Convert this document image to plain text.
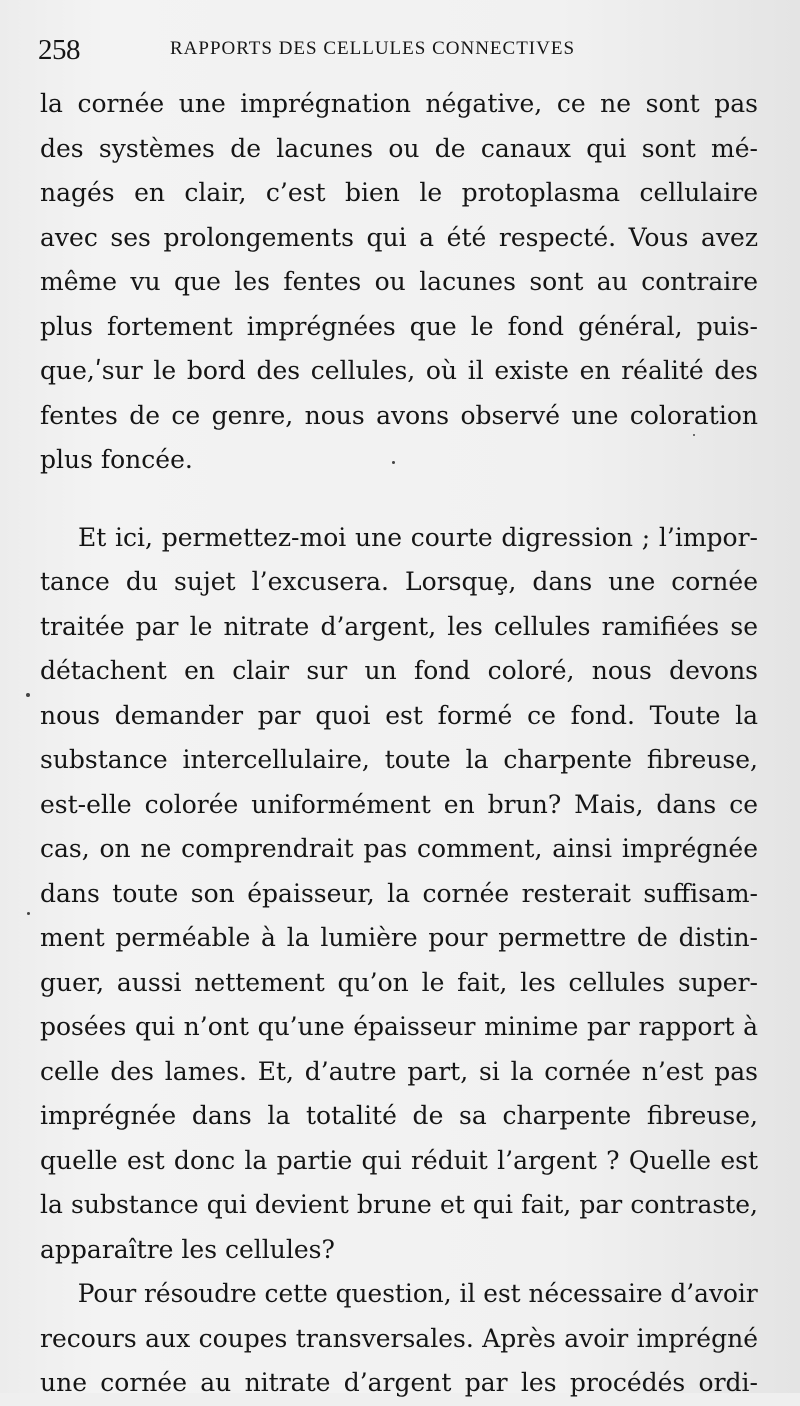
258	RAPPORTS DES CELLULES CONNECTIVES
la cornée une imprégnation négative, ce ne sont pas
des systèmes de lacunes ou de canaux qui sont mé-
nagés en clair, c’est bien le protoplasma cellulaire
avec ses prolongements qui a été respecté. Vous avez
même vu que les fentes ou lacunes sont au contraire
plus fortement imprégnées que le fond général, puis-
que,ʹsur le bord des cellules, où il existe en réalité des
fentes de ce genre, nous avons observé une coloration
plus foncée.
Et ici, permettez-moi une courte digression ; l’impor-
tance du sujet l’excusera. Lorsquȩ, dans une cornée
traitée par le nitrate d’argent, les cellules ramifiées se
détachent en clair sur un fond coloré, nous devons
nous demander par quoi est formé ce fond. Toute la
substance intercellulaire, toute la charpente fibreuse,
est-elle colorée uniformément en brun? Mais, dans ce
cas, on ne comprendrait pas comment, ainsi imprégnée
dans toute son épaisseur, la cornée resterait suffisam-
ment perméable à la lumière pour permettre de distin-
guer, aussi nettement qu’on le fait, les cellules super-
posées qui n’ont qu’une épaisseur minime par rapport à
celle des lames. Et, d’autre part, si la cornée n’est pas
imprégnée dans la totalité de sa charpente fibreuse,
quelle est donc la partie qui réduit l’argent ? Quelle est
la substance qui devient brune et qui fait, par contraste,
apparaître les cellules?
Pour résoudre cette question, il est nécessaire d’avoir
recours aux coupes transversales. Après avoir imprégné
une cornée au nitrate d’argent par les procédés ordi-
